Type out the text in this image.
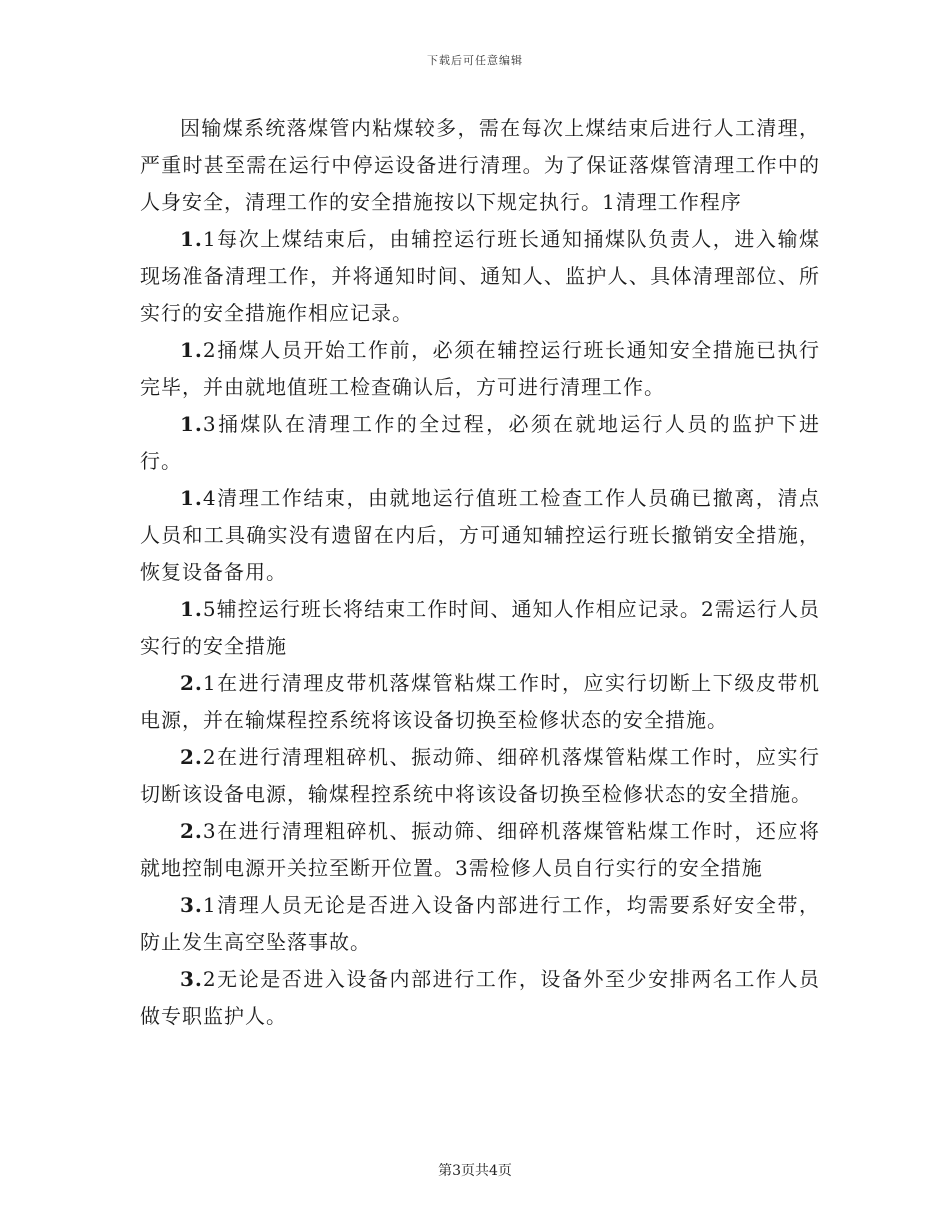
下载后可任意编辑

因输煤系统落煤管内粘煤较多，需在每次上煤结束后进行人工清理，严重时甚至需在运行中停运设备进行清理。为了保证落煤管清理工作中的人身安全，清理工作的安全措施按以下规定执行。1清理工作程序

1.1每次上煤结束后，由辅控运行班长通知捅煤队负责人，进入输煤现场准备清理工作，并将通知时间、通知人、监护人、具体清理部位、所实行的安全措施作相应记录。

1.2捅煤人员开始工作前，必须在辅控运行班长通知安全措施已执行完毕，并由就地值班工检查确认后，方可进行清理工作。

1.3捅煤队在清理工作的全过程，必须在就地运行人员的监护下进行。

1.4清理工作结束，由就地运行值班工检查工作人员确已撤离，清点人员和工具确实没有遗留在内后，方可通知辅控运行班长撤销安全措施，恢复设备备用。

1.5辅控运行班长将结束工作时间、通知人作相应记录。2需运行人员实行的安全措施

2.1在进行清理皮带机落煤管粘煤工作时，应实行切断上下级皮带机电源，并在输煤程控系统将该设备切换至检修状态的安全措施。

2.2在进行清理粗碎机、振动筛、细碎机落煤管粘煤工作时，应实行切断该设备电源，输煤程控系统中将该设备切换至检修状态的安全措施。

2.3在进行清理粗碎机、振动筛、细碎机落煤管粘煤工作时，还应将就地控制电源开关拉至断开位置。3需检修人员自行实行的安全措施

3.1清理人员无论是否进入设备内部进行工作，均需要系好安全带，防止发生高空坠落事故。

3.2无论是否进入设备内部进行工作，设备外至少安排两名工作人员做专职监护人。

第3页共4页
